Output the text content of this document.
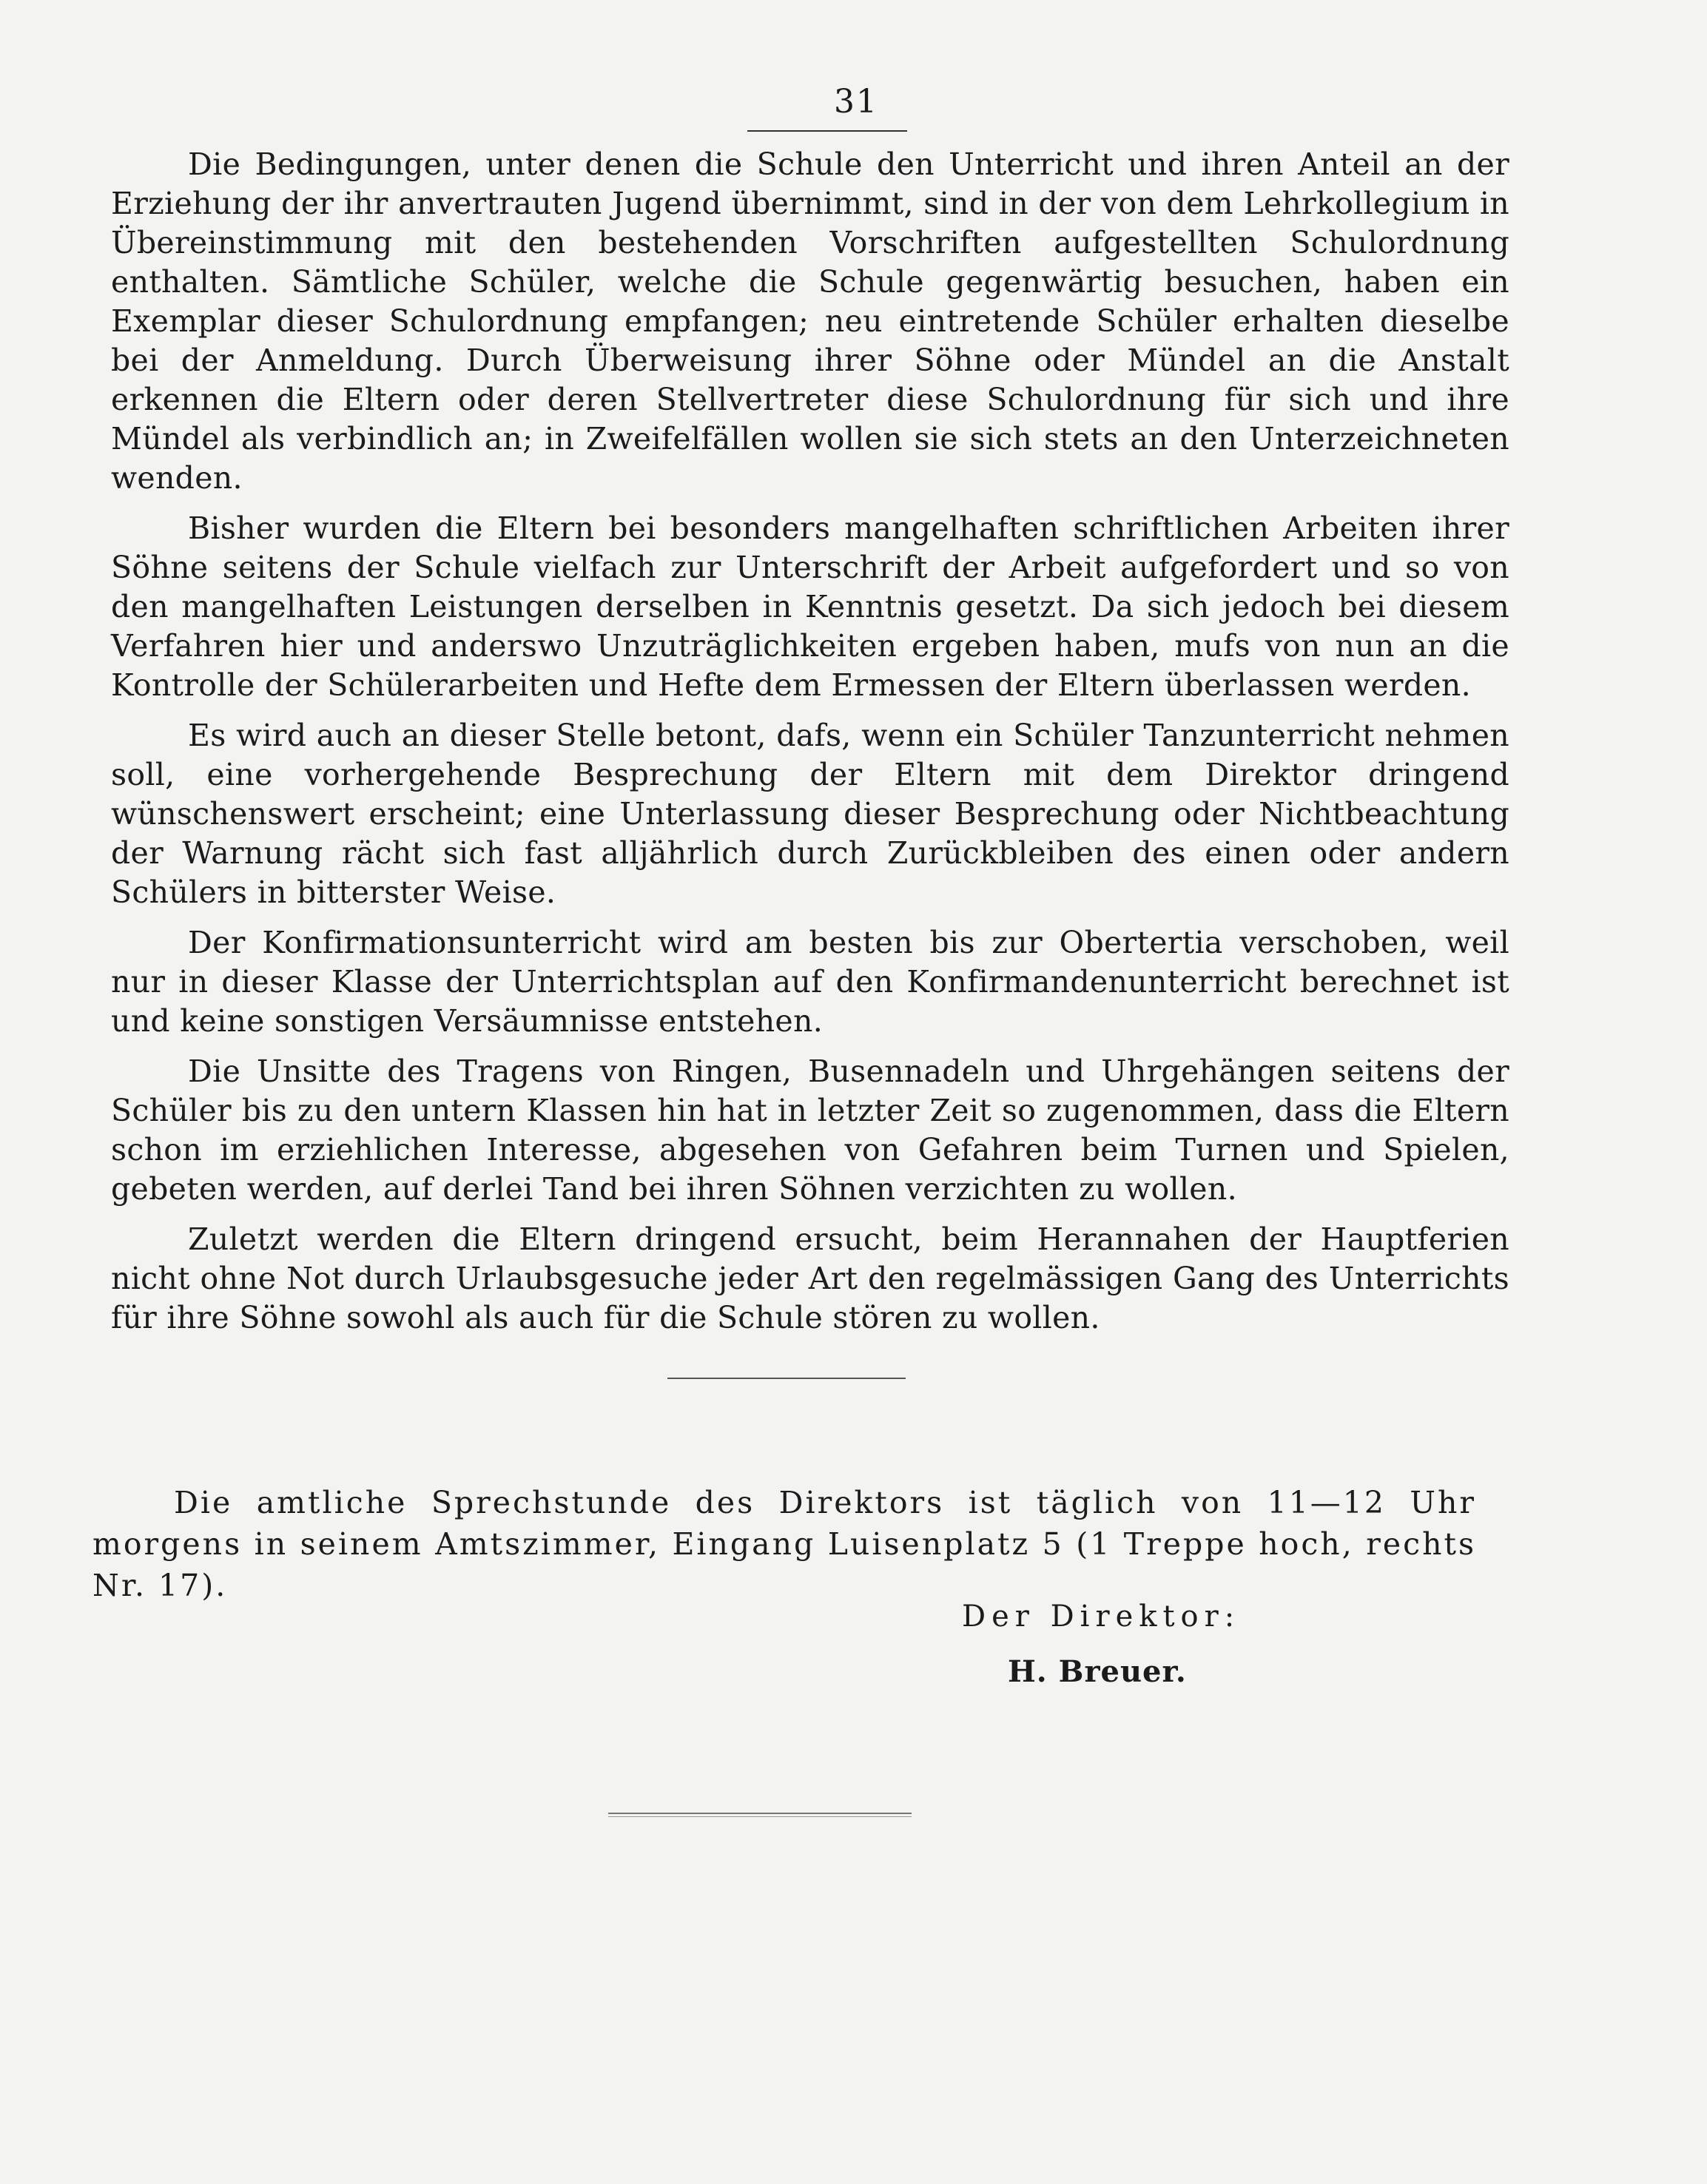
31

Die Bedingungen, unter denen die Schule den Unterricht und ihren Anteil an der Erziehung der ihr anvertrauten Jugend übernimmt, sind in der von dem Lehrkollegium in Übereinstimmung mit den bestehenden Vorschriften aufgestellten Schulordnung enthalten. Sämtliche Schüler, welche die Schule gegenwärtig besuchen, haben ein Exemplar dieser Schulordnung empfangen; neu eintretende Schüler erhalten dieselbe bei der Anmeldung. Durch Überweisung ihrer Söhne oder Mündel an die Anstalt erkennen die Eltern oder deren Stellvertreter diese Schulordnung für sich und ihre Mündel als verbindlich an; in Zweifelfällen wollen sie sich stets an den Unterzeichneten wenden.

Bisher wurden die Eltern bei besonders mangelhaften schriftlichen Arbeiten ihrer Söhne seitens der Schule vielfach zur Unterschrift der Arbeit aufgefordert und so von den mangelhaften Leistungen derselben in Kenntnis gesetzt. Da sich jedoch bei diesem Verfahren hier und anderswo Unzuträglichkeiten ergeben haben, mufs von nun an die Kontrolle der Schülerarbeiten und Hefte dem Ermessen der Eltern überlassen werden.

Es wird auch an dieser Stelle betont, dafs, wenn ein Schüler Tanzunterricht nehmen soll, eine vorhergehende Besprechung der Eltern mit dem Direktor dringend wünschenswert erscheint; eine Unterlassung dieser Besprechung oder Nichtbeachtung der Warnung rächt sich fast alljährlich durch Zurückbleiben des einen oder andern Schülers in bitterster Weise.

Der Konfirmationsunterricht wird am besten bis zur Obertertia verschoben, weil nur in dieser Klasse der Unterrichtsplan auf den Konfirmandenunterricht berechnet ist und keine sonstigen Versäumnisse entstehen.

Die Unsitte des Tragens von Ringen, Busennadeln und Uhrgehängen seitens der Schüler bis zu den untern Klassen hin hat in letzter Zeit so zugenommen, dass die Eltern schon im erziehlichen Interesse, abgesehen von Gefahren beim Turnen und Spielen, gebeten werden, auf derlei Tand bei ihren Söhnen verzichten zu wollen.

Zuletzt werden die Eltern dringend ersucht, beim Herannahen der Hauptferien nicht ohne Not durch Urlaubsgesuche jeder Art den regelmässigen Gang des Unterrichts für ihre Söhne sowohl als auch für die Schule stören zu wollen.

Die amtliche Sprechstunde des Direktors ist täglich von 11—12 Uhr morgens in seinem Amtszimmer, Eingang Luisenplatz 5 (1 Treppe hoch, rechts Nr. 17).

Der Direktor:
H. Breuer.
